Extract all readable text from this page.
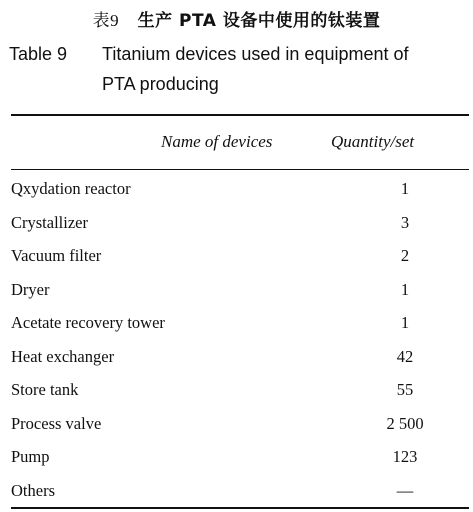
表9 生产 PTA 设备中使用的钛装置
Table 9 Titanium devices used in equipment of
PTA producing
Name of devices	Quantity/set
Qxydation reactor	1
Crystallizer	3
Vacuum filter	2
Dryer	1
Acetate recovery tower	1
Heat exchanger	42
Store tank	55
Process valve	2 500
Pump	123
Others	—
